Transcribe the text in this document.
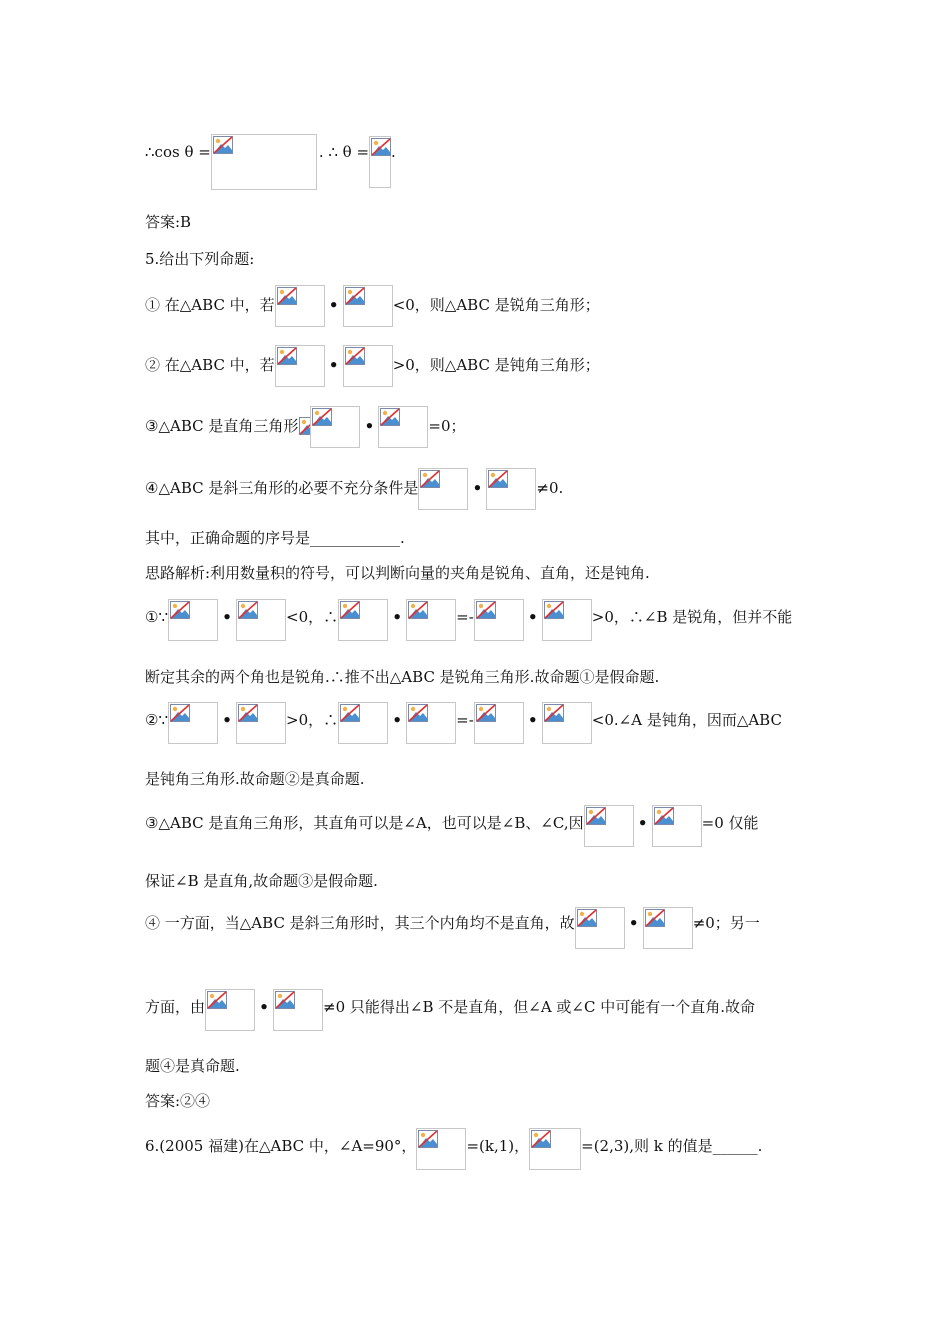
∴cos θ =	. ∴ θ = .
答案:B
5.给出下列命题:
① 在△ABC 中，若	•	<0，则△ABC 是锐角三角形；
② 在△ABC 中，若	•	>0，则△ABC 是钝角三角形；
③△ABC 是直角三角形	•	=0；
④△ABC 是斜三角形的必要不充分条件是	•	≠0.
其中，正确命题的序号是____________.
思路解析:利用数量积的符号，可以判断向量的夹角是锐角、直角，还是钝角.
①∵	•	<0，∴	•	=-	•	>0，∴∠B 是锐角，但并不能
断定其余的两个角也是锐角.∴推不出△ABC 是锐角三角形.故命题①是假命题.
②∵	•	>0，∴	•	=-	•	<0.∠A 是钝角，因而△ABC
是钝角三角形.故命题②是真命题.
③△ABC 是直角三角形，其直角可以是∠A，也可以是∠B、∠C,因	•	=0 仅能
保证∠B 是直角,故命题③是假命题.
④ 一方面，当△ABC 是斜三角形时，其三个内角均不是直角，故	•	≠0；另一
方面，由	•	≠0 只能得出∠B 不是直角，但∠A 或∠C 中可能有一个直角.故命
题④是真命题.
答案:②④
6.(2005 福建)在△ABC 中，∠A=90°，	=(k,1)，	=(2,3),则 k 的值是______.
